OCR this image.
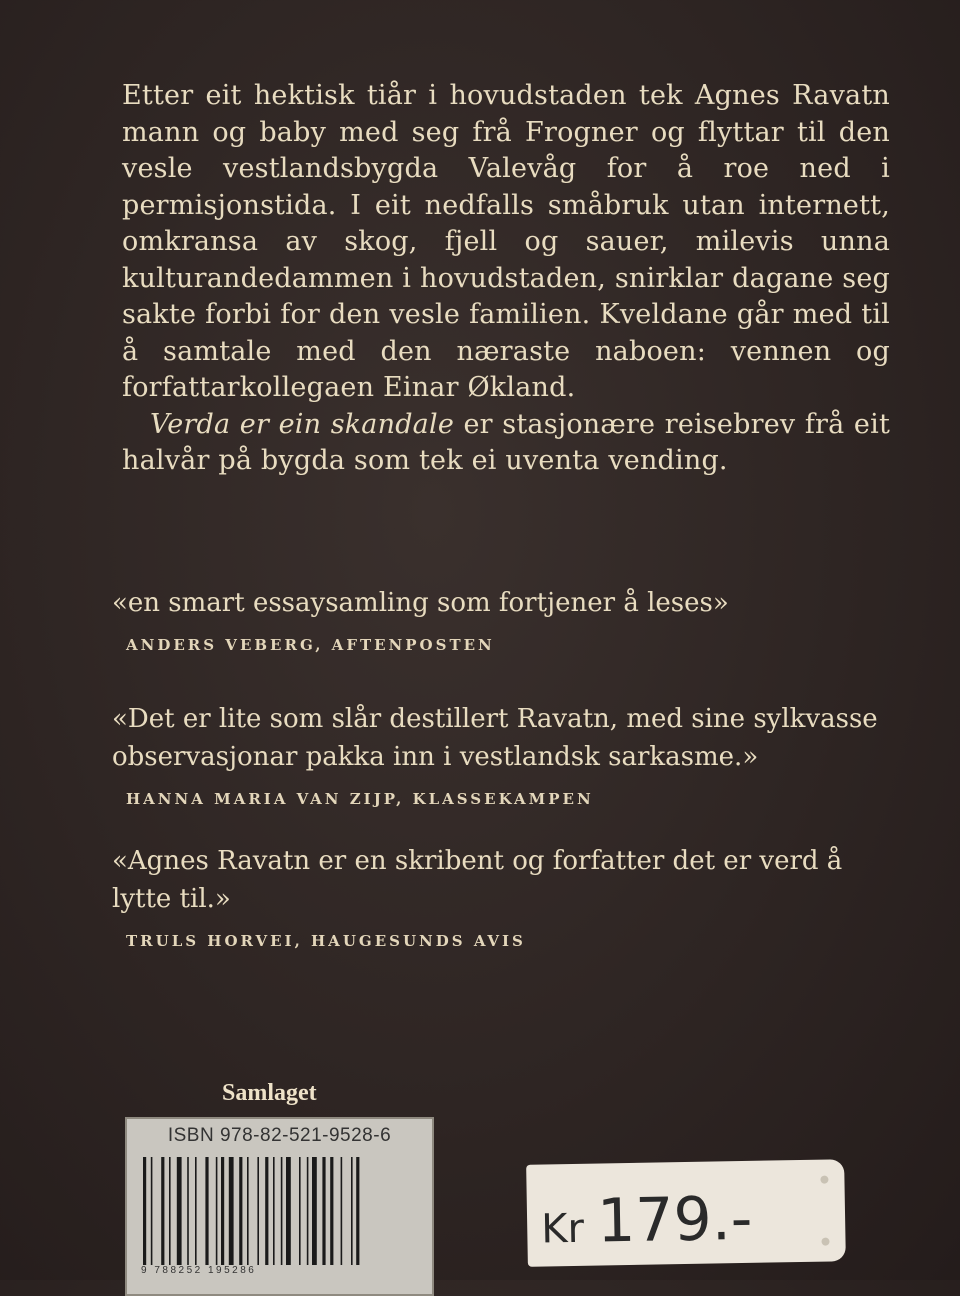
Etter eit hektisk tiår i hovudstaden tek Agnes Ravatn mann og baby med seg frå Frogner og flyttar til den vesle vestlandsbygda Valevåg for å roe ned i permisjonstida. I eit nedfalls småbruk utan internett, omkransa av skog, fjell og sauer, milevis unna kulturandedammen i hovudstaden, snirklar dagane seg sakte forbi for den vesle familien. Kveldane går med til å samtale med den næraste naboen: vennen og forfattarkollegaen Einar Økland.

Verda er ein skandale er stasjonære reisebrev frå eit halvår på bygda som tek ei uventa vending.

«en smart essaysamling som fortjener å leses»
ANDERS VEBERG, AFTENPOSTEN
«Det er lite som slår destillert Ravatn, med sine sylkvasse observasjonar pakka inn i vestlandsk sarkasme.»
HANNA MARIA VAN ZIJP, KLASSEKAMPEN
«Agnes Ravatn er en skribent og forfatter det er verd å lytte til.»
TRULS HORVEI, HAUGESUNDS AVIS
Samlaget
ISBN 978-82-521-9528-6
9 788252 195286
Kr 179.-
